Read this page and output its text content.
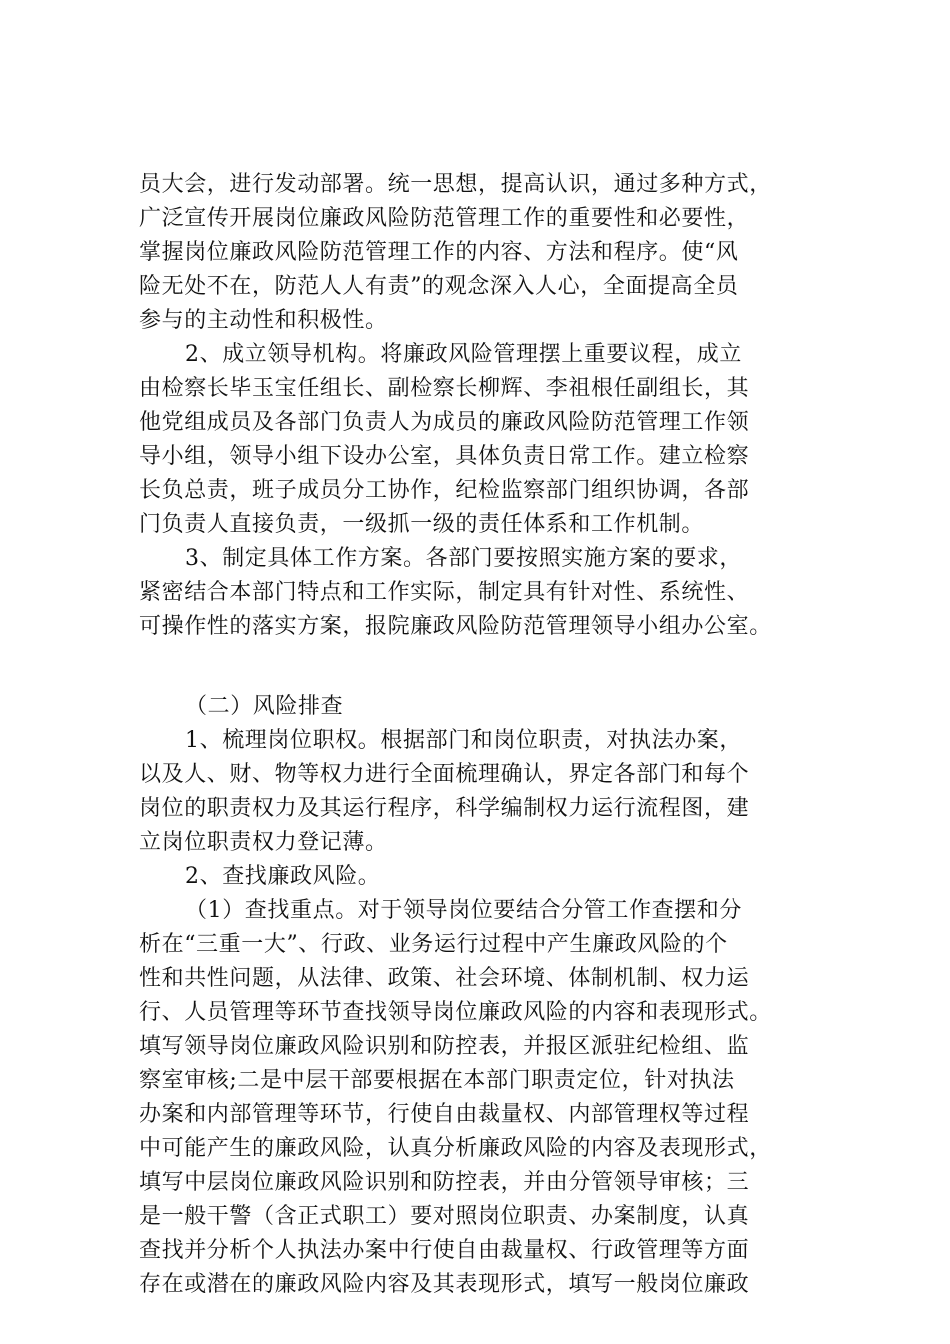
员大会，进行发动部署。统一思想，提高认识，通过多种方式，
广泛宣传开展岗位廉政风险防范管理工作的重要性和必要性，
掌握岗位廉政风险防范管理工作的内容、方法和程序。使“风
险无处不在，防范人人有责”的观念深入人心，全面提高全员
参与的主动性和积极性。
2、成立领导机构。将廉政风险管理摆上重要议程，成立
由检察长毕玉宝任组长、副检察长柳辉、李祖根任副组长，其
他党组成员及各部门负责人为成员的廉政风险防范管理工作领
导小组，领导小组下设办公室，具体负责日常工作。建立检察
长负总责，班子成员分工协作，纪检监察部门组织协调，各部
门负责人直接负责，一级抓一级的责任体系和工作机制。
3、制定具体工作方案。各部门要按照实施方案的要求，
紧密结合本部门特点和工作实际，制定具有针对性、系统性、
可操作性的落实方案，报院廉政风险防范管理领导小组办公室。
（二）风险排查
1、梳理岗位职权。根据部门和岗位职责，对执法办案，
以及人、财、物等权力进行全面梳理确认，界定各部门和每个
岗位的职责权力及其运行程序，科学编制权力运行流程图，建
立岗位职责权力登记薄。
2、查找廉政风险。
（1）查找重点。对于领导岗位要结合分管工作查摆和分
析在“三重一大”、行政、业务运行过程中产生廉政风险的个
性和共性问题，从法律、政策、社会环境、体制机制、权力运
行、人员管理等环节查找领导岗位廉政风险的内容和表现形式。
填写领导岗位廉政风险识别和防控表，并报区派驻纪检组、监
察室审核;二是中层干部要根据在本部门职责定位，针对执法
办案和内部管理等环节，行使自由裁量权、内部管理权等过程
中可能产生的廉政风险，认真分析廉政风险的内容及表现形式，
填写中层岗位廉政风险识别和防控表，并由分管领导审核；三
是一般干警（含正式职工）要对照岗位职责、办案制度，认真
查找并分析个人执法办案中行使自由裁量权、行政管理等方面
存在或潜在的廉政风险内容及其表现形式，填写一般岗位廉政
